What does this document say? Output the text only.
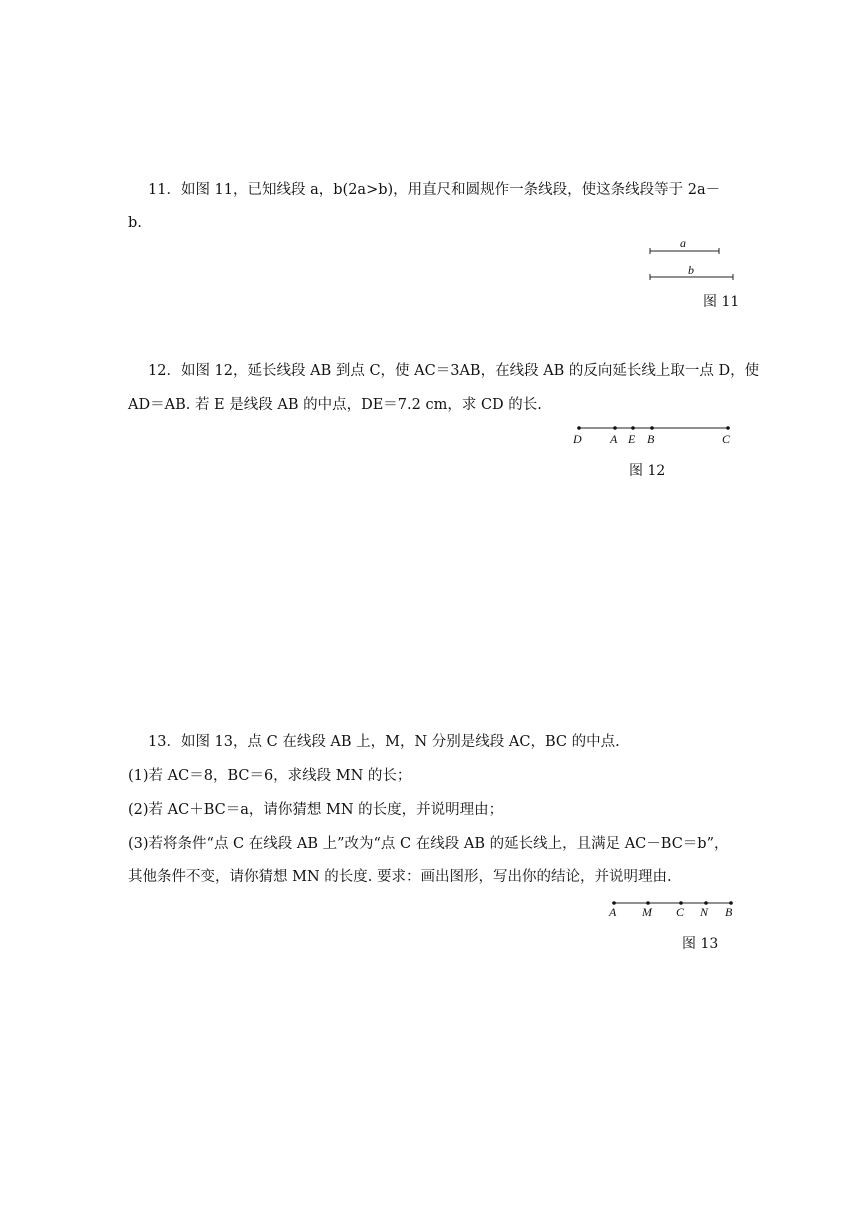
11．如图 11，已知线段 a，b(2a>b)，用直尺和圆规作一条线段，使这条线段等于 2a－
b.
a
b
图 11
12．如图 12，延长线段 AB 到点 C，使 AC＝3AB，在线段 AB 的反向延长线上取一点 D，使
AD＝AB. 若 E 是线段 AB 的中点，DE＝7.2 cm，求 CD 的长.
D A E B	C
图 12
13．如图 13，点 C 在线段 AB 上，M，N 分别是线段 AC，BC 的中点.
(1)若 AC＝8，BC＝6，求线段 MN 的长；
(2)若 AC＋BC＝a，请你猜想 MN 的长度，并说明理由；
(3)若将条件“点 C 在线段 AB 上”改为“点 C 在线段 AB 的延长线上，且满足 AC－BC＝b”，
其他条件不变，请你猜想 MN 的长度. 要求：画出图形，写出你的结论，并说明理由.
A M C N B
图 13
